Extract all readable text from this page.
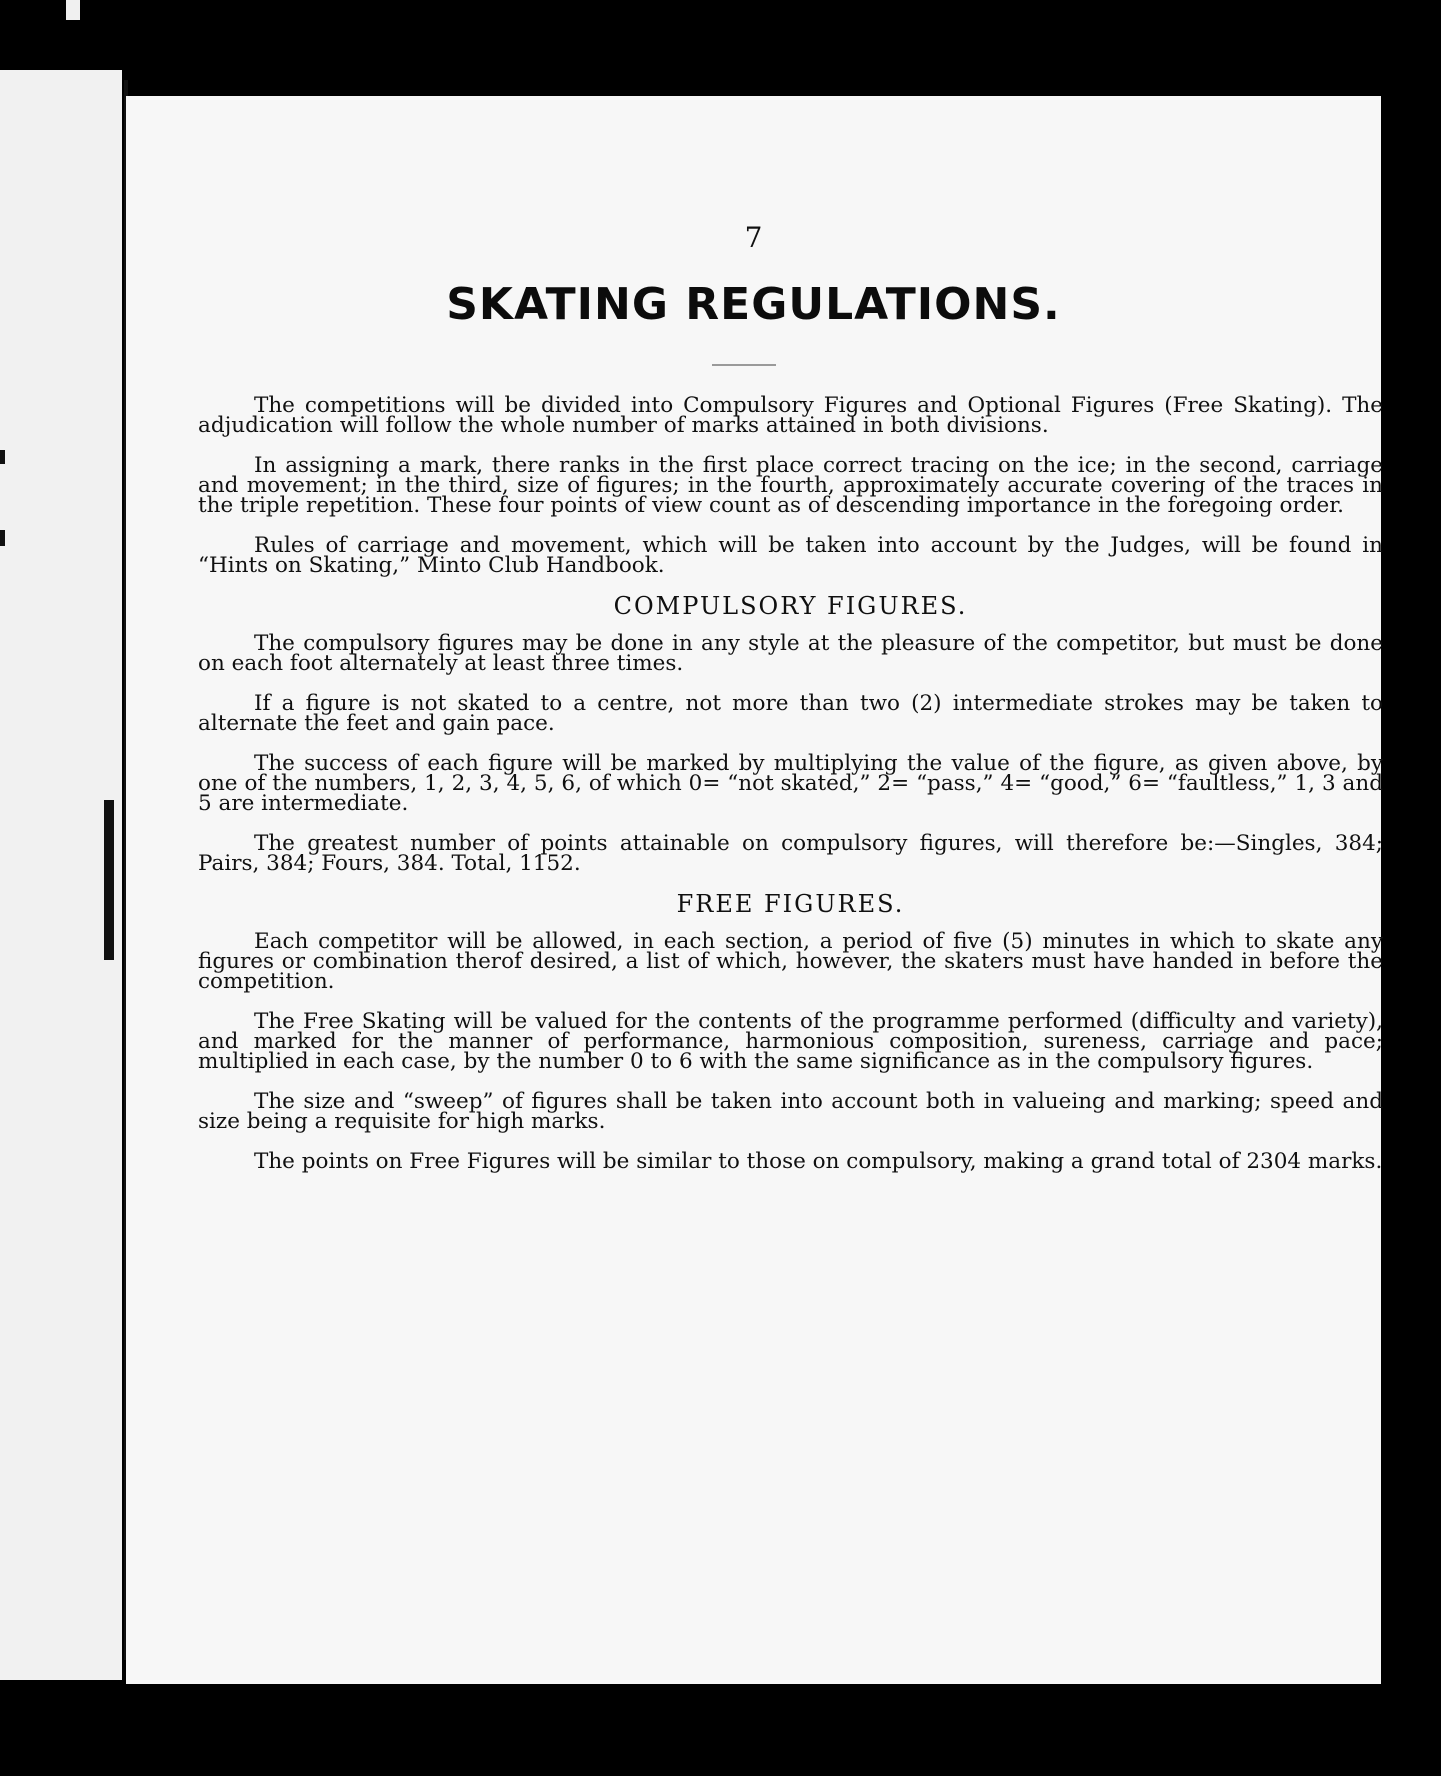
7
SKATING REGULATIONS.

The competitions will be divided into Compulsory Figures and Optional Figures (Free Skating). The adjudication will follow the whole number of marks attained in both divisions.

In assigning a mark, there ranks in the first place correct tracing on the ice; in the second, carriage and movement; in the third, size of figures; in the fourth, approximately accurate covering of the traces in the triple repetition. These four points of view count as of descending importance in the foregoing order.

Rules of carriage and movement, which will be taken into account by the Judges, will be found in “Hints on Skating,” Minto Club Handbook.

COMPULSORY FIGURES.

The compulsory figures may be done in any style at the pleasure of the competitor, but must be done on each foot alternately at least three times.

If a figure is not skated to a centre, not more than two (2) intermediate strokes may be taken to alternate the feet and gain pace.

The success of each figure will be marked by multiplying the value of the figure, as given above, by one of the numbers, 1, 2, 3, 4, 5, 6, of which 0= “not skated,” 2= “pass,” 4= “good,” 6= “faultless,” 1, 3 and 5 are intermediate.

The greatest number of points attainable on compulsory figures, will therefore be:—Singles, 384; Pairs, 384; Fours, 384. Total, 1152.

FREE FIGURES.

Each competitor will be allowed, in each section, a period of five (5) minutes in which to skate any figures or combination therof desired, a list of which, however, the skaters must have handed in before the competition.

The Free Skating will be valued for the contents of the programme performed (difficulty and variety), and marked for the manner of performance, harmonious composition, sureness, carriage and pace; multiplied in each case, by the number 0 to 6 with the same significance as in the compulsory figures.

The size and “sweep” of figures shall be taken into account both in valueing and marking; speed and size being a requisite for high marks.

The points on Free Figures will be similar to those on compulsory, making a grand total of 2304 marks.
